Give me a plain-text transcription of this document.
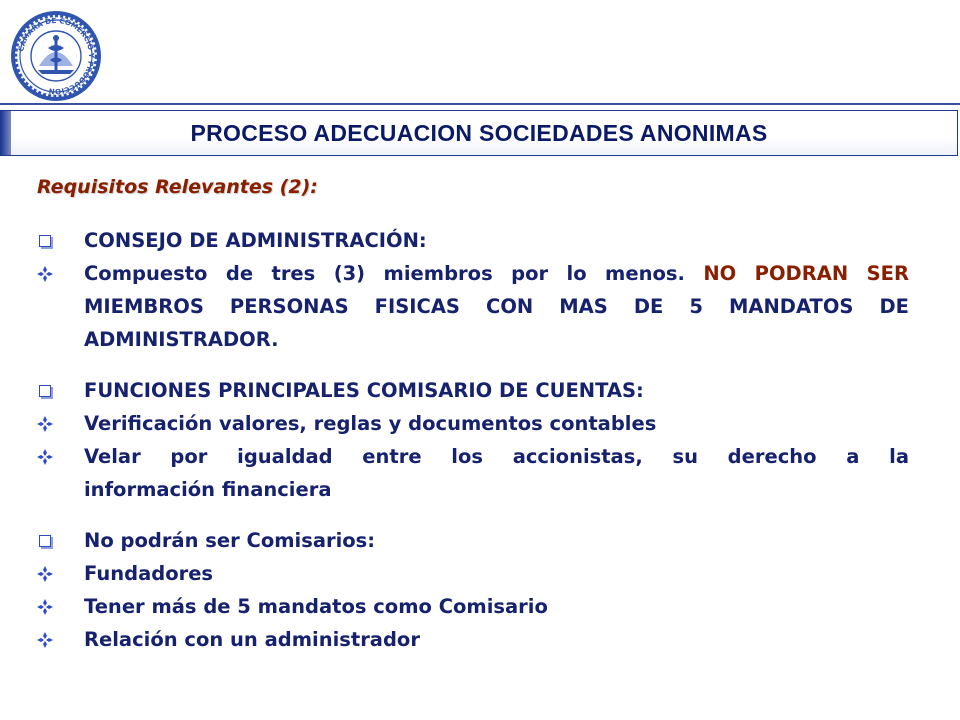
CAMARA DE COMERCIO Y PRODUCCION
PROCESO ADECUACION SOCIEDADES ANONIMAS
Requisitos Relevantes (2):
CONSEJO DE ADMINISTRACIÓN:
Compuesto de tres (3) miembros por lo menos. NO PODRAN SER
MIEMBROS PERSONAS FISICAS CON MAS DE 5 MANDATOS DE
ADMINISTRADOR.
FUNCIONES PRINCIPALES COMISARIO DE CUENTAS:
Verificación valores, reglas y documentos contables
Velar por igualdad entre los accionistas, su derecho a la
información financiera
No podrán ser Comisarios:
Fundadores
Tener más de 5 mandatos como Comisario
Relación con un administrador
